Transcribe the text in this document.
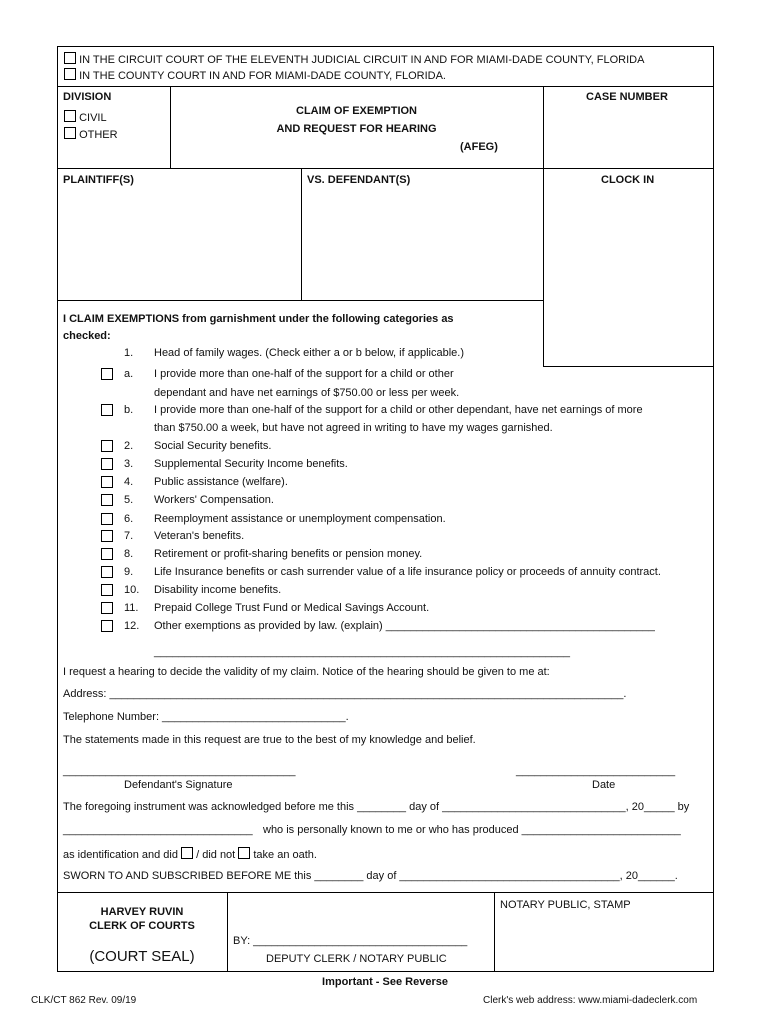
IN THE CIRCUIT COURT OF THE ELEVENTH JUDICIAL CIRCUIT IN AND FOR MIAMI-DADE COUNTY, FLORIDA
IN THE COUNTY COURT IN AND FOR MIAMI-DADE COUNTY, FLORIDA.
DIVISION
CIVIL
OTHER
CLAIM OF EXEMPTION
AND REQUEST FOR HEARING
(AFEG)
CASE NUMBER
PLAINTIFF(S)	VS. DEFENDANT(S)	CLOCK IN
I CLAIM EXEMPTIONS from garnishment under the following categories as
checked:
1. Head of family wages. (Check either a or b below, if applicable.)
a. I provide more than one-half of the support for a child or other
dependant and have net earnings of $750.00 or less per week.
b. I provide more than one-half of the support for a child or other dependant, have net earnings of more
than $750.00 a week, but have not agreed in writing to have my wages garnished.
2. Social Security benefits.
3. Supplemental Security Income benefits.
4. Public assistance (welfare).
5. Workers' Compensation.
6. Reemployment assistance or unemployment compensation.
7. Veteran's benefits.
8. Retirement or profit-sharing benefits or pension money.
9. Life Insurance benefits or cash surrender value of a life insurance policy or proceeds of annuity contract.
10. Disability income benefits.
11. Prepaid College Trust Fund or Medical Savings Account.
12. Other exemptions as provided by law. (explain) ____________________________________________
____________________________________________________________________
I request a hearing to decide the validity of my claim. Notice of the hearing should be given to me at:
Address: ____________________________________________________________________________________.
Telephone Number: ______________________________.
The statements made in this request are true to the best of my knowledge and belief.
______________________________________	__________________________
Defendant's Signature	Date
The foregoing instrument was acknowledged before me this ________ day of ______________________________, 20_____ by
_______________________________ who is personally known to me or who has produced __________________________
as identification and did / did not take an oath.
SWORN TO AND SUBSCRIBED BEFORE ME this ________ day of ____________________________________, 20______.
HARVEY RUVIN
CLERK OF COURTS
(COURT SEAL)
BY: ___________________________________
DEPUTY CLERK / NOTARY PUBLIC
NOTARY PUBLIC, STAMP
Important - See Reverse
CLK/CT 862 Rev. 09/19	Clerk's web address: www.miami-dadeclerk.com
